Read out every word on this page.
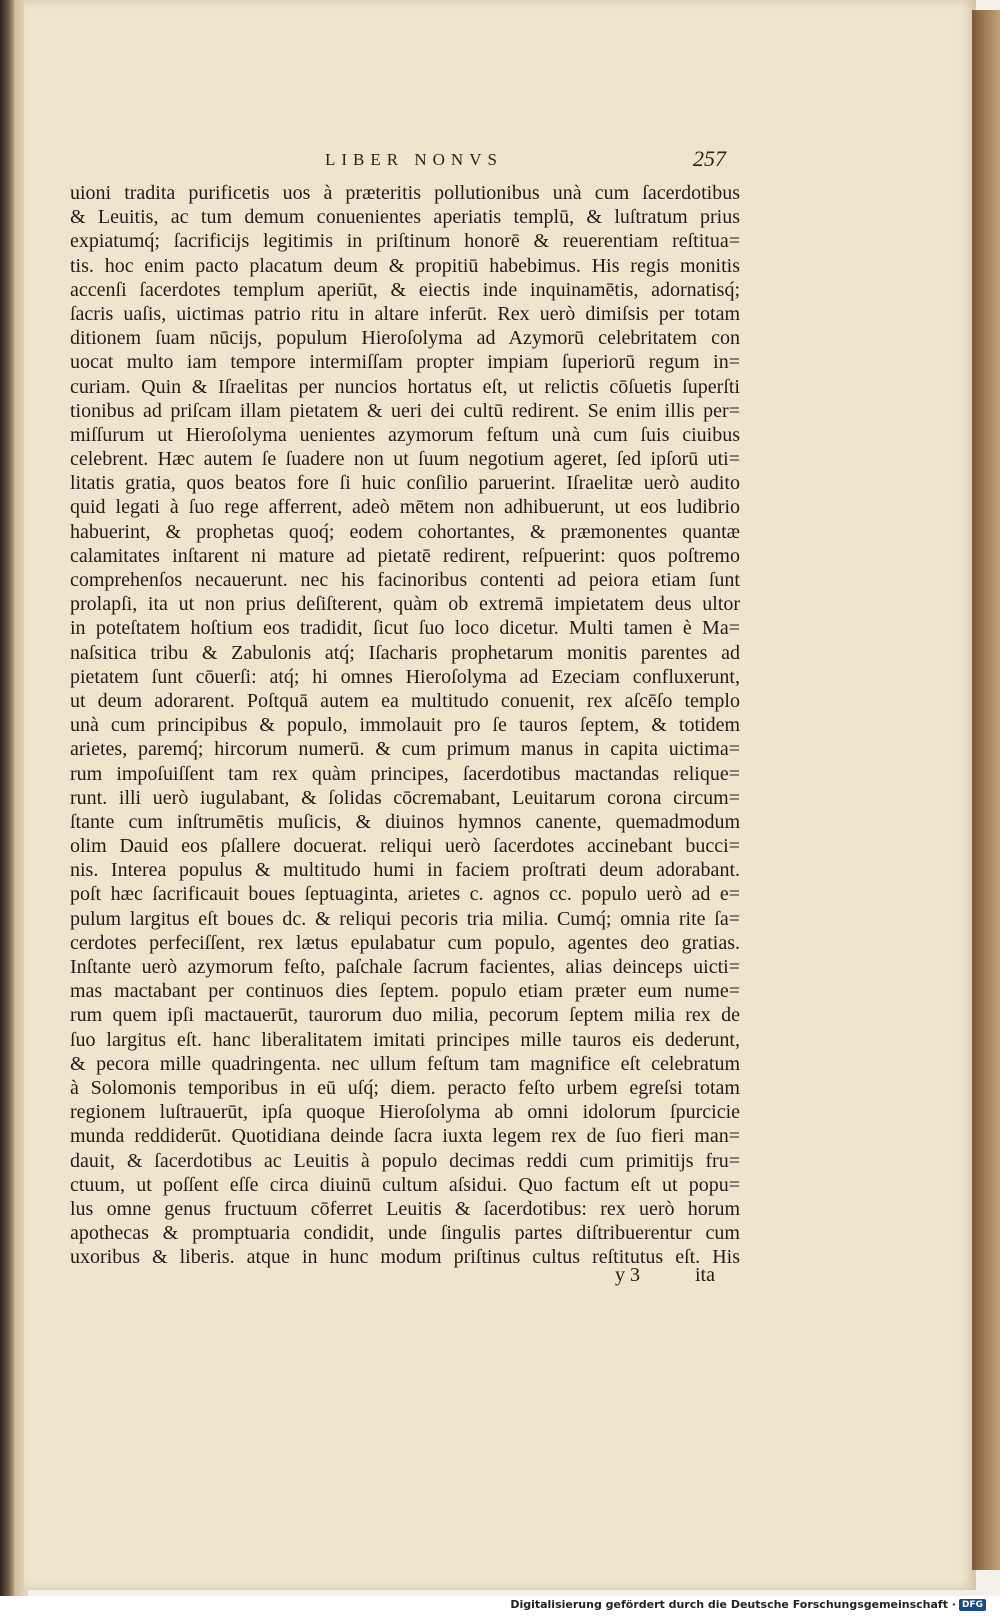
LIBER NONVS	257
uioni tradita purificetis uos à præteritis pollutionibus unà cum ſacerdotibus
& Leuitis, ac tum demum conuenientes aperiatis templū, & luſtratum prius
expiatumq́; ſacrificijs legitimis in priſtinum honorē & reuerentiam reſtitua=
tis. hoc enim pacto placatum deum & propitiū habebimus. His regis monitis
accenſi ſacerdotes templum aperiūt, & eiectis inde inquinamētis, adornatisq́;
ſacris uaſis, uictimas patrio ritu in altare inferūt. Rex uerò dimiſsis per totam
ditionem ſuam nūcijs, populum Hieroſolyma ad Azymorū celebritatem con
uocat multo iam tempore intermiſſam propter impiam ſuperiorū regum in=
curiam. Quin & Iſraelitas per nuncios hortatus eſt, ut relictis cōſuetis ſuperſti
tionibus ad priſcam illam pietatem & ueri dei cultū redirent. Se enim illis per=
miſſurum ut Hieroſolyma uenientes azymorum feſtum unà cum ſuis ciuibus
celebrent. Hæc autem ſe ſuadere non ut ſuum negotium ageret, ſed ipſorū uti=
litatis gratia, quos beatos fore ſi huic conſilio paruerint. Iſraelitæ uerò audito
quid legati à ſuo rege afferrent, adeò mētem non adhibuerunt, ut eos ludibrio
habuerint, & prophetas quoq́; eodem cohortantes, & præmonentes quantæ
calamitates inſtarent ni mature ad pietatē redirent, reſpuerint: quos poſtremo
comprehenſos necauerunt. nec his facinoribus contenti ad peiora etiam ſunt
prolapſi, ita ut non prius deſiſterent, quàm ob extremā impietatem deus ultor
in poteſtatem hoſtium eos tradidit, ſicut ſuo loco dicetur. Multi tamen è Ma=
naſsitica tribu & Zabulonis atq́; Iſacharis prophetarum monitis parentes ad
pietatem ſunt cōuerſi: atq́; hi omnes Hieroſolyma ad Ezeciam confluxerunt,
ut deum adorarent. Poſtquā autem ea multitudo conuenit, rex aſcēſo templo
unà cum principibus & populo, immolauit pro ſe tauros ſeptem, & totidem
arietes, paremq́; hircorum numerū. & cum primum manus in capita uictima=
rum impoſuiſſent tam rex quàm principes, ſacerdotibus mactandas relique=
runt. illi uerò iugulabant, & ſolidas cōcremabant, Leuitarum corona circum=
ſtante cum inſtrumētis muſicis, & diuinos hymnos canente, quemadmodum
olim Dauid eos pſallere docuerat. reliqui uerò ſacerdotes accinebant bucci=
nis. Interea populus & multitudo humi in faciem proſtrati deum adorabant.
poſt hæc ſacrificauit boues ſeptuaginta, arietes c. agnos cc. populo uerò ad e=
pulum largitus eſt boues dc. & reliqui pecoris tria milia. Cumq́; omnia rite ſa=
cerdotes perfeciſſent, rex lætus epulabatur cum populo, agentes deo gratias.
Inſtante uerò azymorum feſto, paſchale ſacrum facientes, alias deinceps uicti=
mas mactabant per continuos dies ſeptem. populo etiam præter eum nume=
rum quem ipſi mactauerūt, taurorum duo milia, pecorum ſeptem milia rex de
ſuo largitus eſt. hanc liberalitatem imitati principes mille tauros eis dederunt,
& pecora mille quadringenta. nec ullum feſtum tam magnifice eſt celebratum
à Solomonis temporibus in eū uſq́; diem. peracto feſto urbem egreſsi totam
regionem luſtrauerūt, ipſa quoque Hieroſolyma ab omni idolorum ſpurcicie
munda reddiderūt. Quotidiana deinde ſacra iuxta legem rex de ſuo fieri man=
dauit, & ſacerdotibus ac Leuitis à populo decimas reddi cum primitijs fru=
ctuum, ut poſſent eſſe circa diuinū cultum aſsidui. Quo factum eſt ut popu=
lus omne genus fructuum cōferret Leuitis & ſacerdotibus: rex uerò horum
apothecas & promptuaria condidit, unde ſingulis partes diſtribuerentur cum
uxoribus & liberis. atque in hunc modum priſtinus cultus reſtitutus eſt. His
y 3	ita
Digitalisierung gefördert durch die Deutsche Forschungsgemeinschaft · DFG
